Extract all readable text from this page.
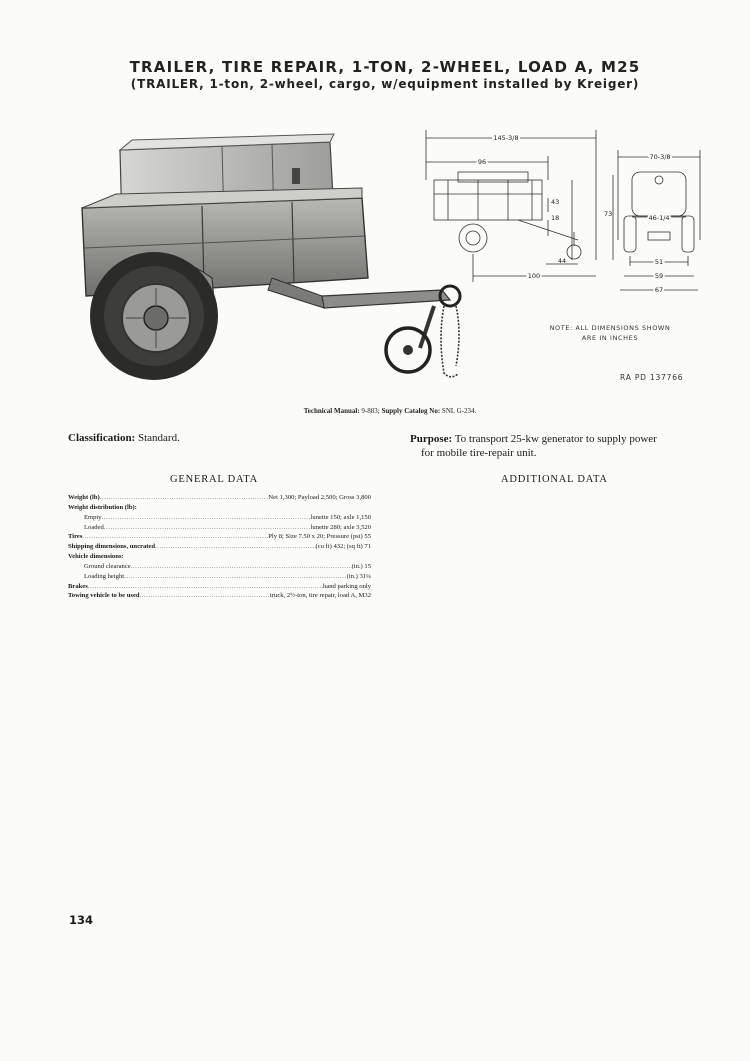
TRAILER, TIRE REPAIR, 1-TON, 2-WHEEL, LOAD A, M25
(TRAILER, 1-ton, 2-wheel, cargo, w/equipment installed by Kreiger)
145-3/8
96
43
18
44
100
70-3/8
73	46-1/4
51
59
67
NOTE: ALL DIMENSIONS SHOWN
ARE IN INCHES
RA PD 137766
Technical Manual: 9-883; Supply Catalog No: SNL G-234.
Classification: Standard.	Purpose: To transport 25-kw generator to supply power
for mobile tire-repair unit.
GENERAL DATA	ADDITIONAL DATA
Weight (lb) .....	Net 1,300; Payload 2,500; Gross 3,800
Weight distribution (lb):
Empty .....	lunette 150; axle 1,150
Loaded .....	lunette 280; axle 3,520
Tires .....	Ply 8; Size 7.50 x 20; Pressure (psi) 55
Shipping dimensions, uncrated .....	(cu ft) 432; (sq ft) 71
Vehicle dimensions:
Ground clearance .....	(in.) 15
Loading height .....	(in.) 31¼
Brakes .....	hand parking only
Towing vehicle to be used .....	truck, 2½-ton, tire repair, load A, M32
134
